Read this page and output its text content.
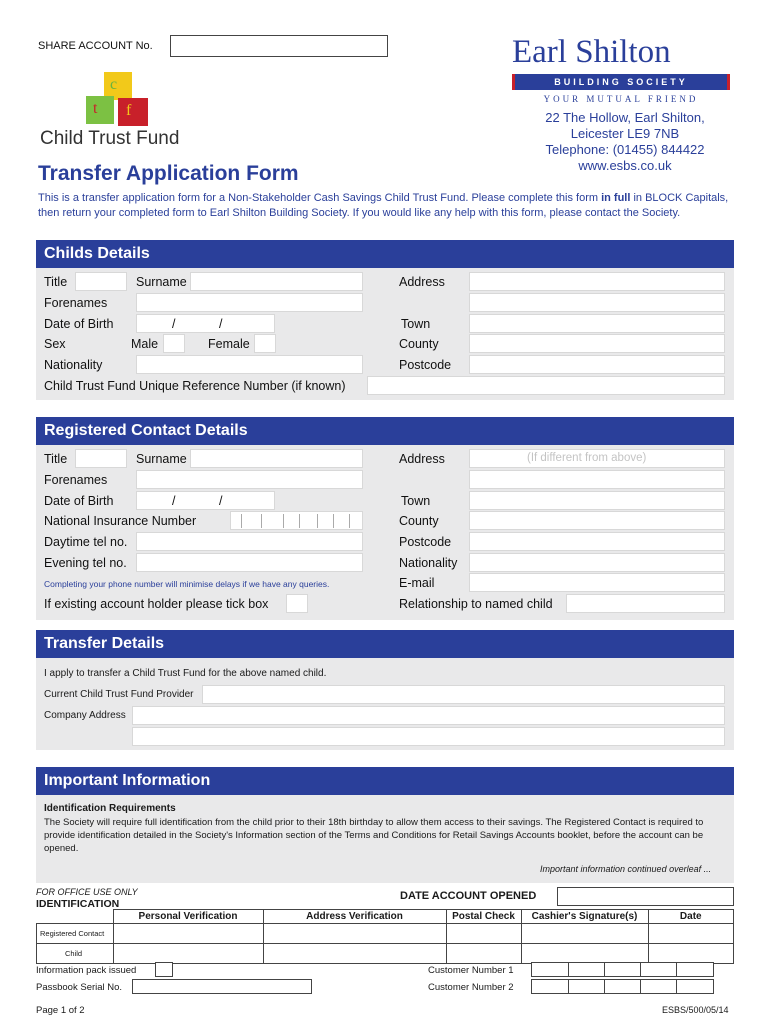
SHARE ACCOUNT No.
c
t f
Child Trust Fund
Earl Shilton
BUILDING SOCIETY
YOUR MUTUAL FRIEND
22 The Hollow, Earl Shilton,
Leicester LE9 7NB
Telephone: (01455) 844422
www.esbs.co.uk
Transfer Application Form
This is a transfer application form for a Non-Stakeholder Cash Savings Child Trust Fund. Please complete this form in full in BLOCK Capitals, then return your completed form to Earl Shilton Building Society. If you would like any help with this form, please contact the Society.
Childs Details
Title	Surname	Address
Forenames
Date of Birth	/	/	Town
Sex	Male	Female	County
Nationality	Postcode
Child Trust Fund Unique Reference Number (if known)
Registered Contact Details
Title	Surname	Address	(If different from above)
Forenames
Date of Birth	/	/	Town
National Insurance Number	County
Daytime tel no.	Postcode
Evening tel no.	Nationality
Completing your phone number will minimise delays if we have any queries.	E-mail
If existing account holder please tick box	Relationship to named child
Transfer Details
I apply to transfer a Child Trust Fund for the above named child.
Current Child Trust Fund Provider
Company Address
Important Information
Identification Requirements
The Society will require full identification from the child prior to their 18th birthday to allow them access to their savings. The Registered Contact is required to provide identification detailed in the Society's Information section of the Terms and Conditions for Retail Savings Accounts booklet, before the account can be opened.
Important information continued overleaf ...
FOR OFFICE USE ONLY
IDENTIFICATION
DATE ACCOUNT OPENED
	Personal Verification	Address Verification	Postal Check	Cashier's Signature(s)	Date
Registered Contact					
Child					
Information pack issued
Passbook Serial No.
Customer Number 1
Customer Number 2
Page 1 of 2	ESBS/500/05/14
